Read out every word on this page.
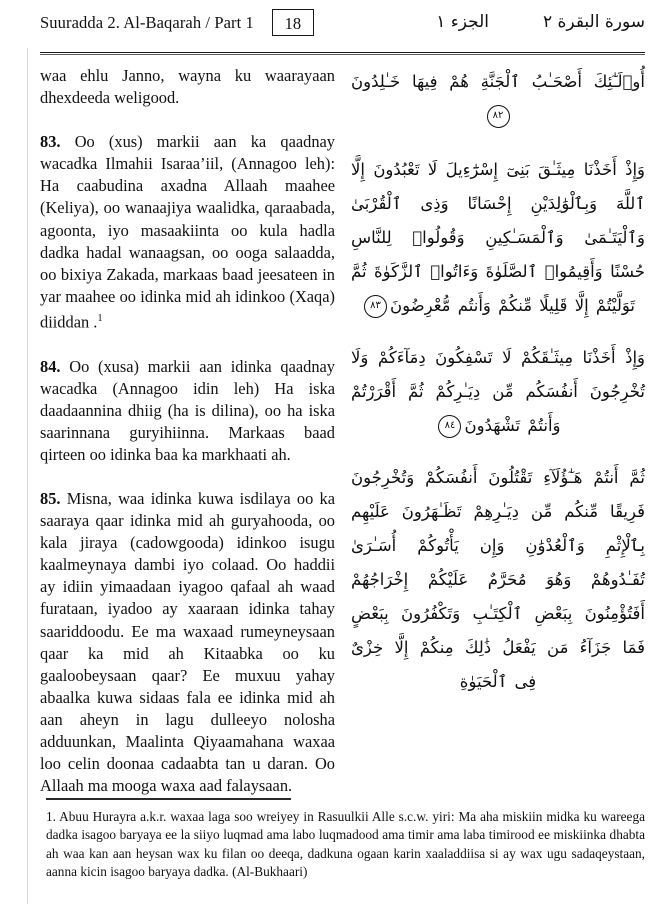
Suuradda 2. Al-Baqarah / Part 1	18	سورة البقرة ٢
الجزء ١

waa ehlu Janno, wayna ku waarayaan dhexdeeda weligood.

83. Oo (xus) markii aan ka qaadnay wacadka Ilmahii Isaraa’iil, (Annagoo leh): Ha caabudina axadna Allaah maahee (Keliya), oo wanaajiya waalidka, qaraabada, agoonta, iyo masaakiinta oo kula hadla dadka hadal wanaagsan, oo ooga salaadda, oo bixiya Zakada, markaas baad jeesateen in yar maahee oo idinka mid ah idinkoo (Xaqa) diiddan .$^1$

84. Oo (xusa) markii aan idinka qaadnay wacadka (Annagoo idin leh) Ha iska daadaannina dhiig (ha is dilina), oo ha iska saarinnana guryihiinna. Markaas baad qirteen oo idinka baa ka markhaati ah.

85. Misna, waa idinka kuwa isdilaya oo ka saaraya qaar idinka mid ah guryahooda, oo kala jiraya (cadowgooda) idinkoo isugu kaalmeynaya dambi iyo colaad. Oo haddii ay idiin yimaadaan iyagoo qafaal ah waad furataan, iyadoo ay xaaraan idinka tahay saariddoodu. Ee ma waxaad rumeyneysaan qaar ka mid ah Kitaabka oo ku gaaloobeysaan qaar? Ee muxuu yahay abaalka kuwa sidaas fala ee idinka mid ah aan aheyn in lagu dulleeyo nolosha adduunkan, Maalinta Qiyaamahana waxaa loo celin doonaa cadaabta tan u daran. Oo Allaah ma mooga waxa aad falaysaan.

أُو۟لَـٰٓئِكَ أَصْحَـٰبُ ٱلْجَنَّةِ هُمْ فِيهَا خَـٰلِدُونَ٨٢
وَإِذْ أَخَذْنَا مِيثَـٰقَ بَنِىٓ إِسْرَٰٓءِيلَ لَا تَعْبُدُونَ إِلَّا ٱللَّهَ وَبِٱلْوَٰلِدَيْنِ إِحْسَانًا وَذِى ٱلْقُرْبَىٰ وَٱلْيَتَـٰمَىٰ وَٱلْمَسَـٰكِينِ وَقُولُوا۟ لِلنَّاسِ حُسْنًا وَأَقِيمُوا۟ ٱلصَّلَوٰةَ وَءَاتُوا۟ ٱلزَّكَوٰةَ ثُمَّ تَوَلَّيْتُمْ إِلَّا قَلِيلًا مِّنكُمْ وَأَنتُم مُّعْرِضُونَ٨٣
وَإِذْ أَخَذْنَا مِيثَـٰقَكُمْ لَا تَسْفِكُونَ دِمَآءَكُمْ وَلَا تُخْرِجُونَ أَنفُسَكُم مِّن دِيَـٰرِكُمْ ثُمَّ أَقْرَرْتُمْ وَأَنتُمْ تَشْهَدُونَ٨٤
ثُمَّ أَنتُمْ هَـٰٓؤُلَآءِ تَقْتُلُونَ أَنفُسَكُمْ وَتُخْرِجُونَ فَرِيقًا مِّنكُم مِّن دِيَـٰرِهِمْ تَظَـٰهَرُونَ عَلَيْهِم بِٱلْإِثْمِ وَٱلْعُدْوَٰنِ وَإِن يَأْتُوكُمْ أُسَـٰرَىٰ تُفَـٰدُوهُمْ وَهُوَ مُحَرَّمٌ عَلَيْكُمْ إِخْرَاجُهُمْ أَفَتُؤْمِنُونَ بِبَعْضِ ٱلْكِتَـٰبِ وَتَكْفُرُونَ بِبَعْضٍ فَمَا جَزَآءُ مَن يَفْعَلُ ذَٰلِكَ مِنكُمْ إِلَّا خِزْىٌ فِى ٱلْحَيَوٰةِ

1. Abuu Hurayra a.k.r. waxaa laga soo wreiyey in Rasuulkii Alle s.c.w. yiri: Ma aha miskiin midka ku wareega dadka isagoo baryaya ee la siiyo luqmad ama labo luqmadood ama timir ama laba timirood ee miskiinka dhabta ah waa kan aan heysan wax ku filan oo deeqa, dadkuna ogaan karin xaaladdiisa si ay wax ugu sadaqeystaan, aanna kicin isagoo baryaya dadka. (Al-Bukhaari)
